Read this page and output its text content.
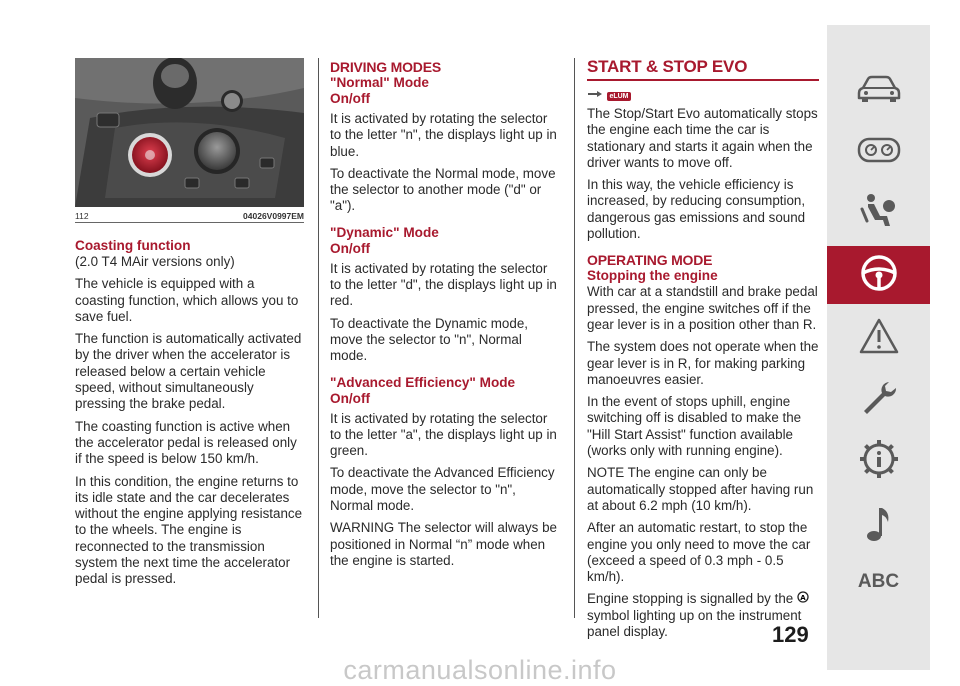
112	04026V0997EM

Coasting function

(2.0 T4 MAir versions only)

The vehicle is equipped with a coasting function, which allows you to save fuel.

The function is automatically activated by the driver when the accelerator is released below a certain vehicle speed, without simultaneously pressing the brake pedal.

The coasting function is active when the accelerator pedal is released only if the speed is below 150 km/h.

In this condition, the engine returns to its idle state and the car decelerates without the engine applying resistance to the wheels. The engine is reconnected to the transmission system the next time the accelerator pedal is pressed.

DRIVING MODES

"Normal" Mode

On/off

It is activated by rotating the selector to the letter "n", the displays light up in blue.

To deactivate the Normal mode, move the selector to another mode ("d" or "a").

"Dynamic" Mode

On/off

It is activated by rotating the selector to the letter "d", the displays light up in red.

To deactivate the Dynamic mode, move the selector to "n", Normal mode.

"Advanced Efficiency" Mode

On/off

It is activated by rotating the selector to the letter "a", the displays light up in green.

To deactivate the Advanced Efficiency mode, move the selector to "n", Normal mode.

WARNING The selector will always be positioned in Normal “n” mode when the engine is started.

START & STOP EVO

eLUM

The Stop/Start Evo automatically stops the engine each time the car is stationary and starts it again when the driver wants to move off.

In this way, the vehicle efficiency is increased, by reducing consumption, dangerous gas emissions and sound pollution.

OPERATING MODE

Stopping the engine

With car at a standstill and brake pedal pressed, the engine switches off if the gear lever is in a position other than R.

The system does not operate when the gear lever is in R, for making parking manoeuvres easier.

In the event of stops uphill, engine switching off is disabled to make the "Hill Start Assist" function available (works only with running engine).

NOTE The engine can only be automatically stopped after having run at about 6.2 mph (10 km/h).

After an automatic restart, to stop the engine you only need to move the car (exceed a speed of 0.3 mph - 0.5 km/h).

Engine stopping is signalled by the A
symbol lighting up on the instrument panel display.	129
ABC
carmanualsonline.info
